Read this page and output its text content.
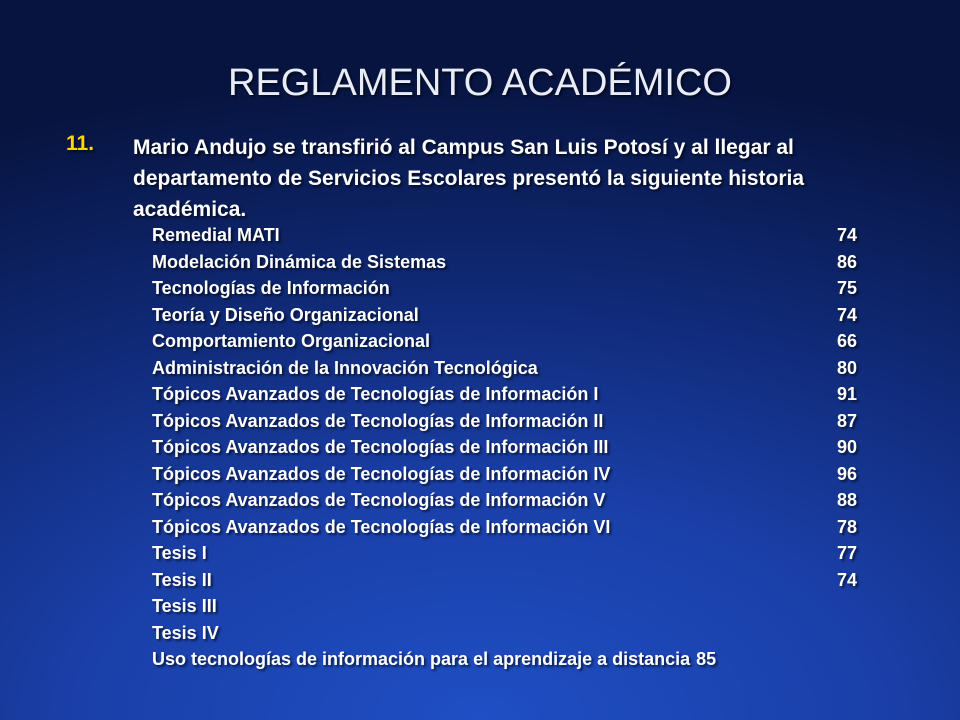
REGLAMENTO ACADÉMICO
11. Mario Andujo se transfirió al Campus San Luis Potosí y al llegar al departamento de Servicios Escolares presentó la siguiente historia académica.
Remedial MATI	74
Modelación Dinámica de Sistemas	86
Tecnologías de Información	75
Teoría y Diseño Organizacional	74
Comportamiento Organizacional	66
Administración de la Innovación Tecnológica	80
Tópicos Avanzados de Tecnologías de Información I	91
Tópicos Avanzados de Tecnologías de Información II	87
Tópicos Avanzados de Tecnologías de Información III	90
Tópicos Avanzados de Tecnologías de Información IV	96
Tópicos Avanzados de Tecnologías de Información V	88
Tópicos Avanzados de Tecnologías de Información VI	78
Tesis I	77
Tesis II	74
Tesis III
Tesis IV
Uso tecnologías de información para el aprendizaje a distancia 85
